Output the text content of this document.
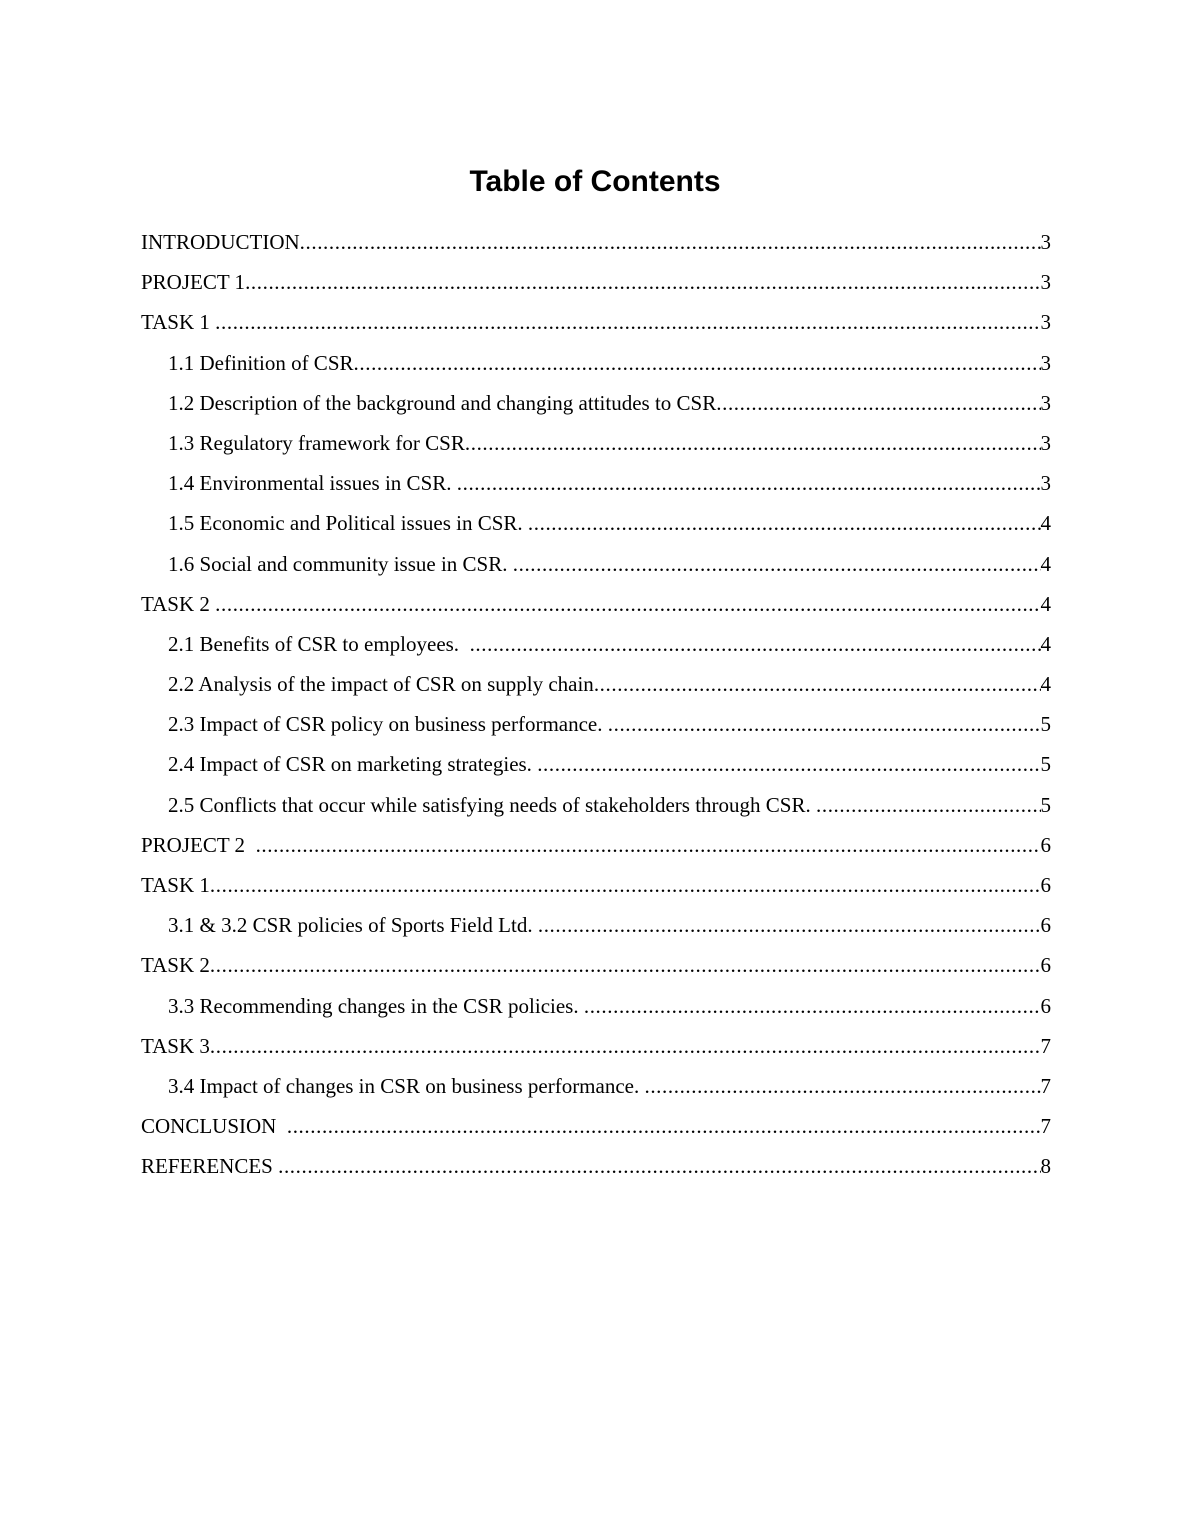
Table of Contents
INTRODUCTION .....	3
PROJECT 1 .....	3
TASK 1 .....	3
1.1 Definition of CSR .....	3
1.2 Description of the background and changing attitudes to CSR .....	3
1.3 Regulatory framework for CSR .....	3
1.4 Environmental issues in CSR. .....	3
1.5 Economic and Political issues in CSR. .....	4
1.6 Social and community issue in CSR. .....	4
TASK 2 .....	4
2.1 Benefits of CSR to employees. .....	4
2.2 Analysis of the impact of CSR on supply chain .....	4
2.3 Impact of CSR policy on business performance. .....	5
2.4 Impact of CSR on marketing strategies. .....	5
2.5 Conflicts that occur while satisfying needs of stakeholders through CSR. .....	5
PROJECT 2 .....	6
TASK 1 .....	6
3.1 & 3.2 CSR policies of Sports Field Ltd. .....	6
TASK 2 .....	6
3.3 Recommending changes in the CSR policies. .....	6
TASK 3 .....	7
3.4 Impact of changes in CSR on business performance. .....	7
CONCLUSION .....	7
REFERENCES .....	8
